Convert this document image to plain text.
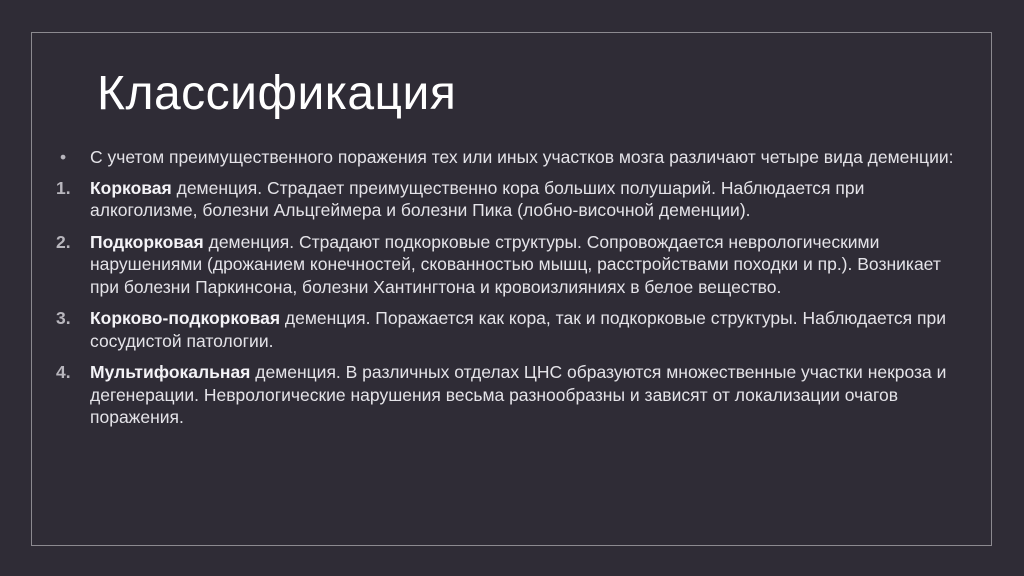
Классификация

• С учетом преимущественного поражения тех или иных участков мозга различают четыре вида деменции:

1. Корковая деменция. Страдает преимущественно кора больших полушарий. Наблюдается при алкоголизме, болезни Альцгеймера и болезни Пика (лобно-височной деменции).
2. Подкорковая деменция. Страдают подкорковые структуры. Сопровождается неврологическими нарушениями (дрожанием конечностей, скованностью мышц, расстройствами походки и пр.). Возникает при болезни Паркинсона, болезни Хантингтона и кровоизлияниях в белое вещество.
3. Корково-подкорковая деменция. Поражается как кора, так и подкорковые структуры. Наблюдается при сосудистой патологии.
4. Мультифокальная деменция. В различных отделах ЦНС образуются множественные участки некроза и дегенерации. Неврологические нарушения весьма разнообразны и зависят от локализации очагов поражения.
